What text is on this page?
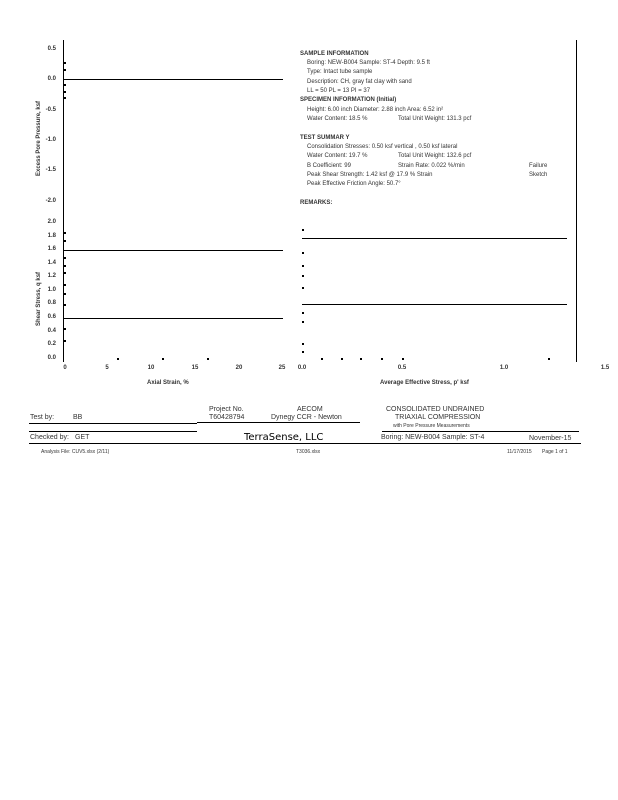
Excess Pore Pressure, ksf
0.5
0.0
-0.5
-1.0
-1.5
-2.0
SAMPLE INFORMATION
Boring: NEW-B004 Sample: ST-4 Depth: 9.5 ft
Type: Intact tube sample
Description: CH, gray fat clay with sand
LL = 50 PL = 13 PI = 37
SPECIMEN INFORMATION (Initial)
Height: 6.00 inch Diameter: 2.88 inch Area: 6.52 in²
Water Content: 18.5 %	Total Unit Weight: 131.3 pcf
TEST SUMMAR Y
Consolidation Stresses: 0.50 ksf vertical , 0.50 ksf lateral
Water Content: 19.7 %	Total Unit Weight: 132.6 pcf
B Coefficient: 99	Strain Rate: 0.022 %/min	Failure
Peak Shear Strength: 1.42 ksf @ 17.9 % Strain	Sketch
Peak Effective Friction Angle: 50.7°
REMARKS:
Shear Stress, q ksf
2.0
1.8
1.6
1.4
1.2
1.0
0.8
0.6
0.4
0.2
0.0
0	5	10	15	20	25
Axial Strain, %
0.0	0.5	1.0	1.5
Average Effective Stress, p' ksf
Test by:	BB
Checked by: GET
Project No.
T60428794
AECOM
Dynegy CCR - Newton
TerraSense, LLC
CONSOLIDATED UNDRAINED
TRIAXIAL COMPRESSION
with Pore Pressure Measurements
Boring: NEW-B004 Sample: ST-4	November-15
Analysis File: CUV5.xlsx (2/11)	T3036.xlsx	11/17/2015 Page 1 of 1
